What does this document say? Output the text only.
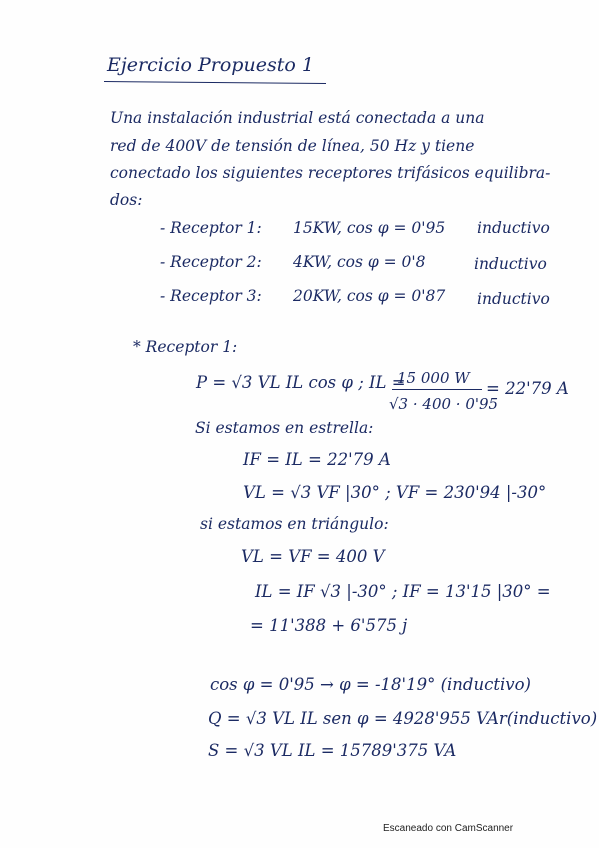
Ejercicio Propuesto 1
Una instalación industrial está conectada a una
red de 400V de tensión de línea, 50 Hz y tiene
conectado los siguientes receptores trifásicos equilibra-
dos:
- Receptor 1: 15KW, cos φ = 0'95 inductivo
- Receptor 2: 4KW, cos φ = 0'8	inductivo
- Receptor 3: 20KW, cos φ = 0'87 inductivo
* Receptor 1:
P = √3 VL IL cos φ ; IL =
15 000 W
√3 · 400 · 0'95
= 22'79 A
Si estamos en estrella:
IF = IL = 22'79 A
VL = √3 VF |30° ; VF = 230'94 |-30°
si estamos en triángulo:
VL = VF = 400 V
IL = IF √3 |-30° ; IF = 13'15 |30° =
= 11'388 + 6'575 j
cos φ = 0'95 → φ = -18'19° (inductivo)
Q = √3 VL IL sen φ = 4928'955 VAr(inductivo)
S = √3 VL IL = 15789'375 VA
Escaneado con CamScanner
